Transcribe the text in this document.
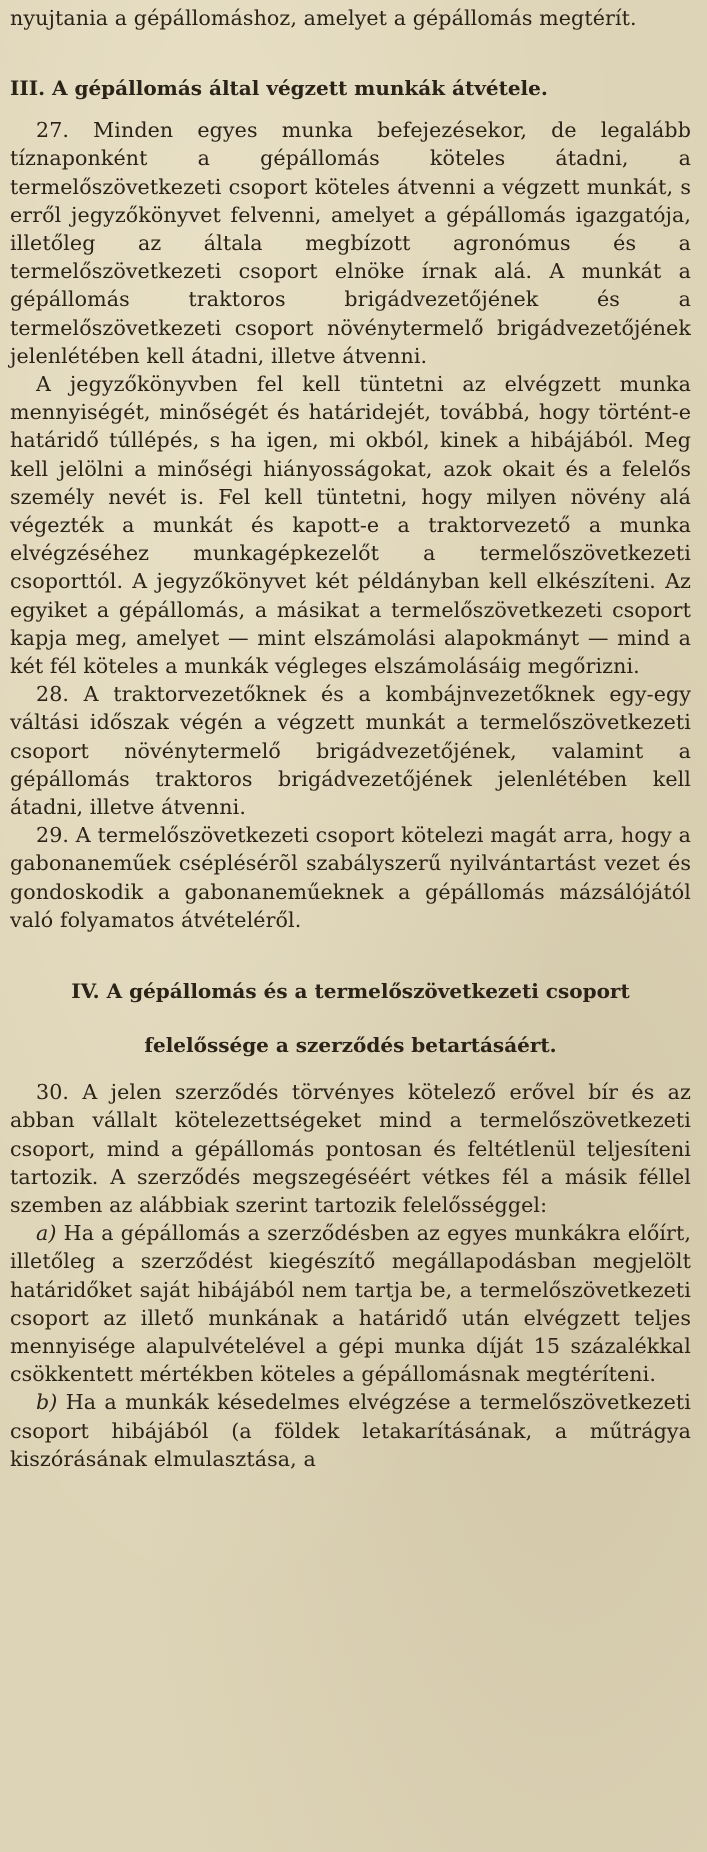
nyujtania a gépállomáshoz, amelyet a gépállomás megtérít.

III. A gépállomás által végzett munkák átvétele.

27. Minden egyes munka befejezésekor, de legalább tíznaponként a gépállomás köteles átadni, a termelőszövetkezeti csoport köteles átvenni a végzett munkát, s erről jegyzőkönyvet felvenni, amelyet a gépállomás igazgatója, illetőleg az általa megbízott agronómus és a termelőszövetkezeti csoport elnöke írnak alá. A munkát a gépállomás traktoros brigádvezetőjének és a termelőszövetkezeti csoport növénytermelő brigádvezetőjének jelenlétében kell átadni, illetve átvenni.

A jegyzőkönyvben fel kell tüntetni az elvégzett munka mennyiségét, minőségét és határidejét, továbbá, hogy történt-e határidő túllépés, s ha igen, mi okból, kinek a hibájából. Meg kell jelölni a minőségi hiányosságokat, azok okait és a felelős személy nevét is. Fel kell tüntetni, hogy milyen növény alá végezték a munkát és kapott-e a traktorvezető a munka elvégzéséhez munkagépkezelőt a termelőszövetkezeti csoporttól. A jegyzőkönyvet két példányban kell elkészíteni. Az egyiket a gépállomás, a másikat a termelőszövetkezeti csoport kapja meg, amelyet — mint elszámolási alapokmányt — mind a két fél köteles a munkák végleges elszámolásáig megőrizni.

28. A traktorvezetőknek és a kombájnvezetőknek egy-egy váltási időszak végén a végzett munkát a termelőszövetkezeti csoport növénytermelő brigádvezetőjének, valamint a gépállomás traktoros brigádvezetőjének jelenlétében kell átadni, illetve átvenni.

29. A termelőszövetkezeti csoport kötelezi magát arra, hogy a gabonaneműek cséplésérõl szabályszerű nyilvántartást vezet és gondoskodik a gabonaneműeknek a gépállomás mázsálójától való folyamatos átvételéről.

IV. A gépállomás és a termelőszövetkezeti csoport felelőssége a szerződés betartásáért.

30. A jelen szerződés törvényes kötelező erővel bír és az abban vállalt kötelezettségeket mind a termelőszövetkezeti csoport, mind a gépállomás pontosan és feltétlenül teljesíteni tartozik. A szerződés megszegéséért vétkes fél a másik féllel szemben az alábbiak szerint tartozik felelősséggel:

a) Ha a gépállomás a szerződésben az egyes munkákra előírt, illetőleg a szerződést kiegészítő megállapodásban megjelölt határidőket saját hibájából nem tartja be, a termelőszövetkezeti csoport az illető munkának a határidő után elvégzett teljes mennyisége alapulvételével a gépi munka díját 15 százalékkal csökkentett mértékben köteles a gépállomásnak megtéríteni.

b) Ha a munkák késedelmes elvégzése a termelőszövetkezeti csoport hibájából (a földek letakarításának, a műtrágya kiszórásának elmulasztása, a
